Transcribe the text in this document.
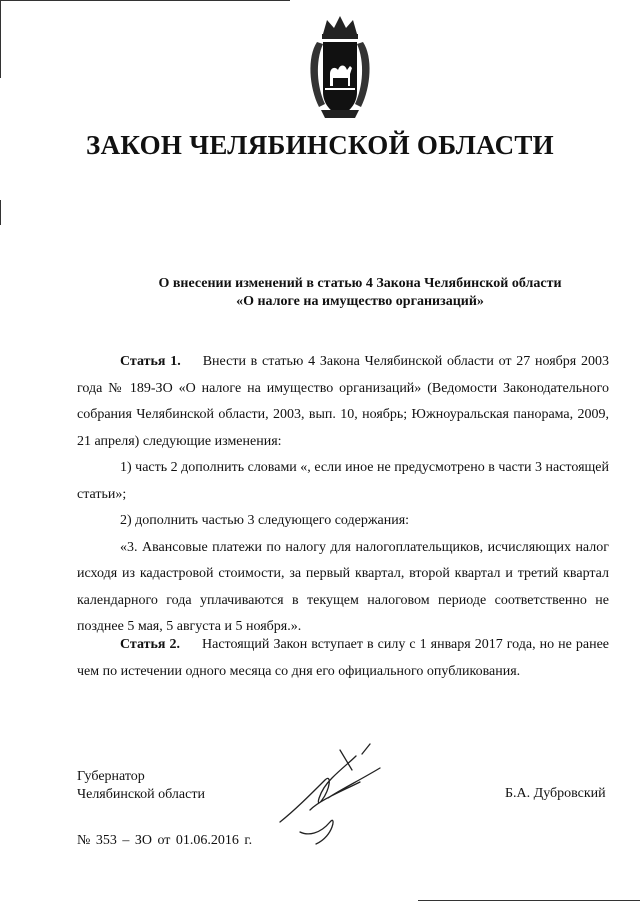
ЗАКОН ЧЕЛЯБИНСКОЙ ОБЛАСТИ
О внесении изменений в статью 4 Закона Челябинской области
«О налоге на имущество организаций»

Статья 1. Внести в статью 4 Закона Челябинской области от 27 ноября 2003 года № 189-ЗО «О налоге на имущество организаций» (Ведомости Законодательного собрания Челябинской области, 2003, вып. 10, ноябрь; Южноуральская панорама, 2009, 21 апреля) следующие изменения:

1) часть 2 дополнить словами «, если иное не предусмотрено в части 3 настоящей статьи»;

2) дополнить частью 3 следующего содержания:

«3. Авансовые платежи по налогу для налогоплательщиков, исчисляющих налог исходя из кадастровой стоимости, за первый квартал, второй квартал и третий квартал календарного года уплачиваются в текущем налоговом периоде соответственно не позднее 5 мая, 5 августа и 5 ноября.».

Статья 2. Настоящий Закон вступает в силу с 1 января 2017 года, но не ранее чем по истечении одного месяца со дня его официального опубликования.

Губернатор
Челябинской области	Б.А. Дубровский
№ 353 – ЗО от 01.06.2016 г.
